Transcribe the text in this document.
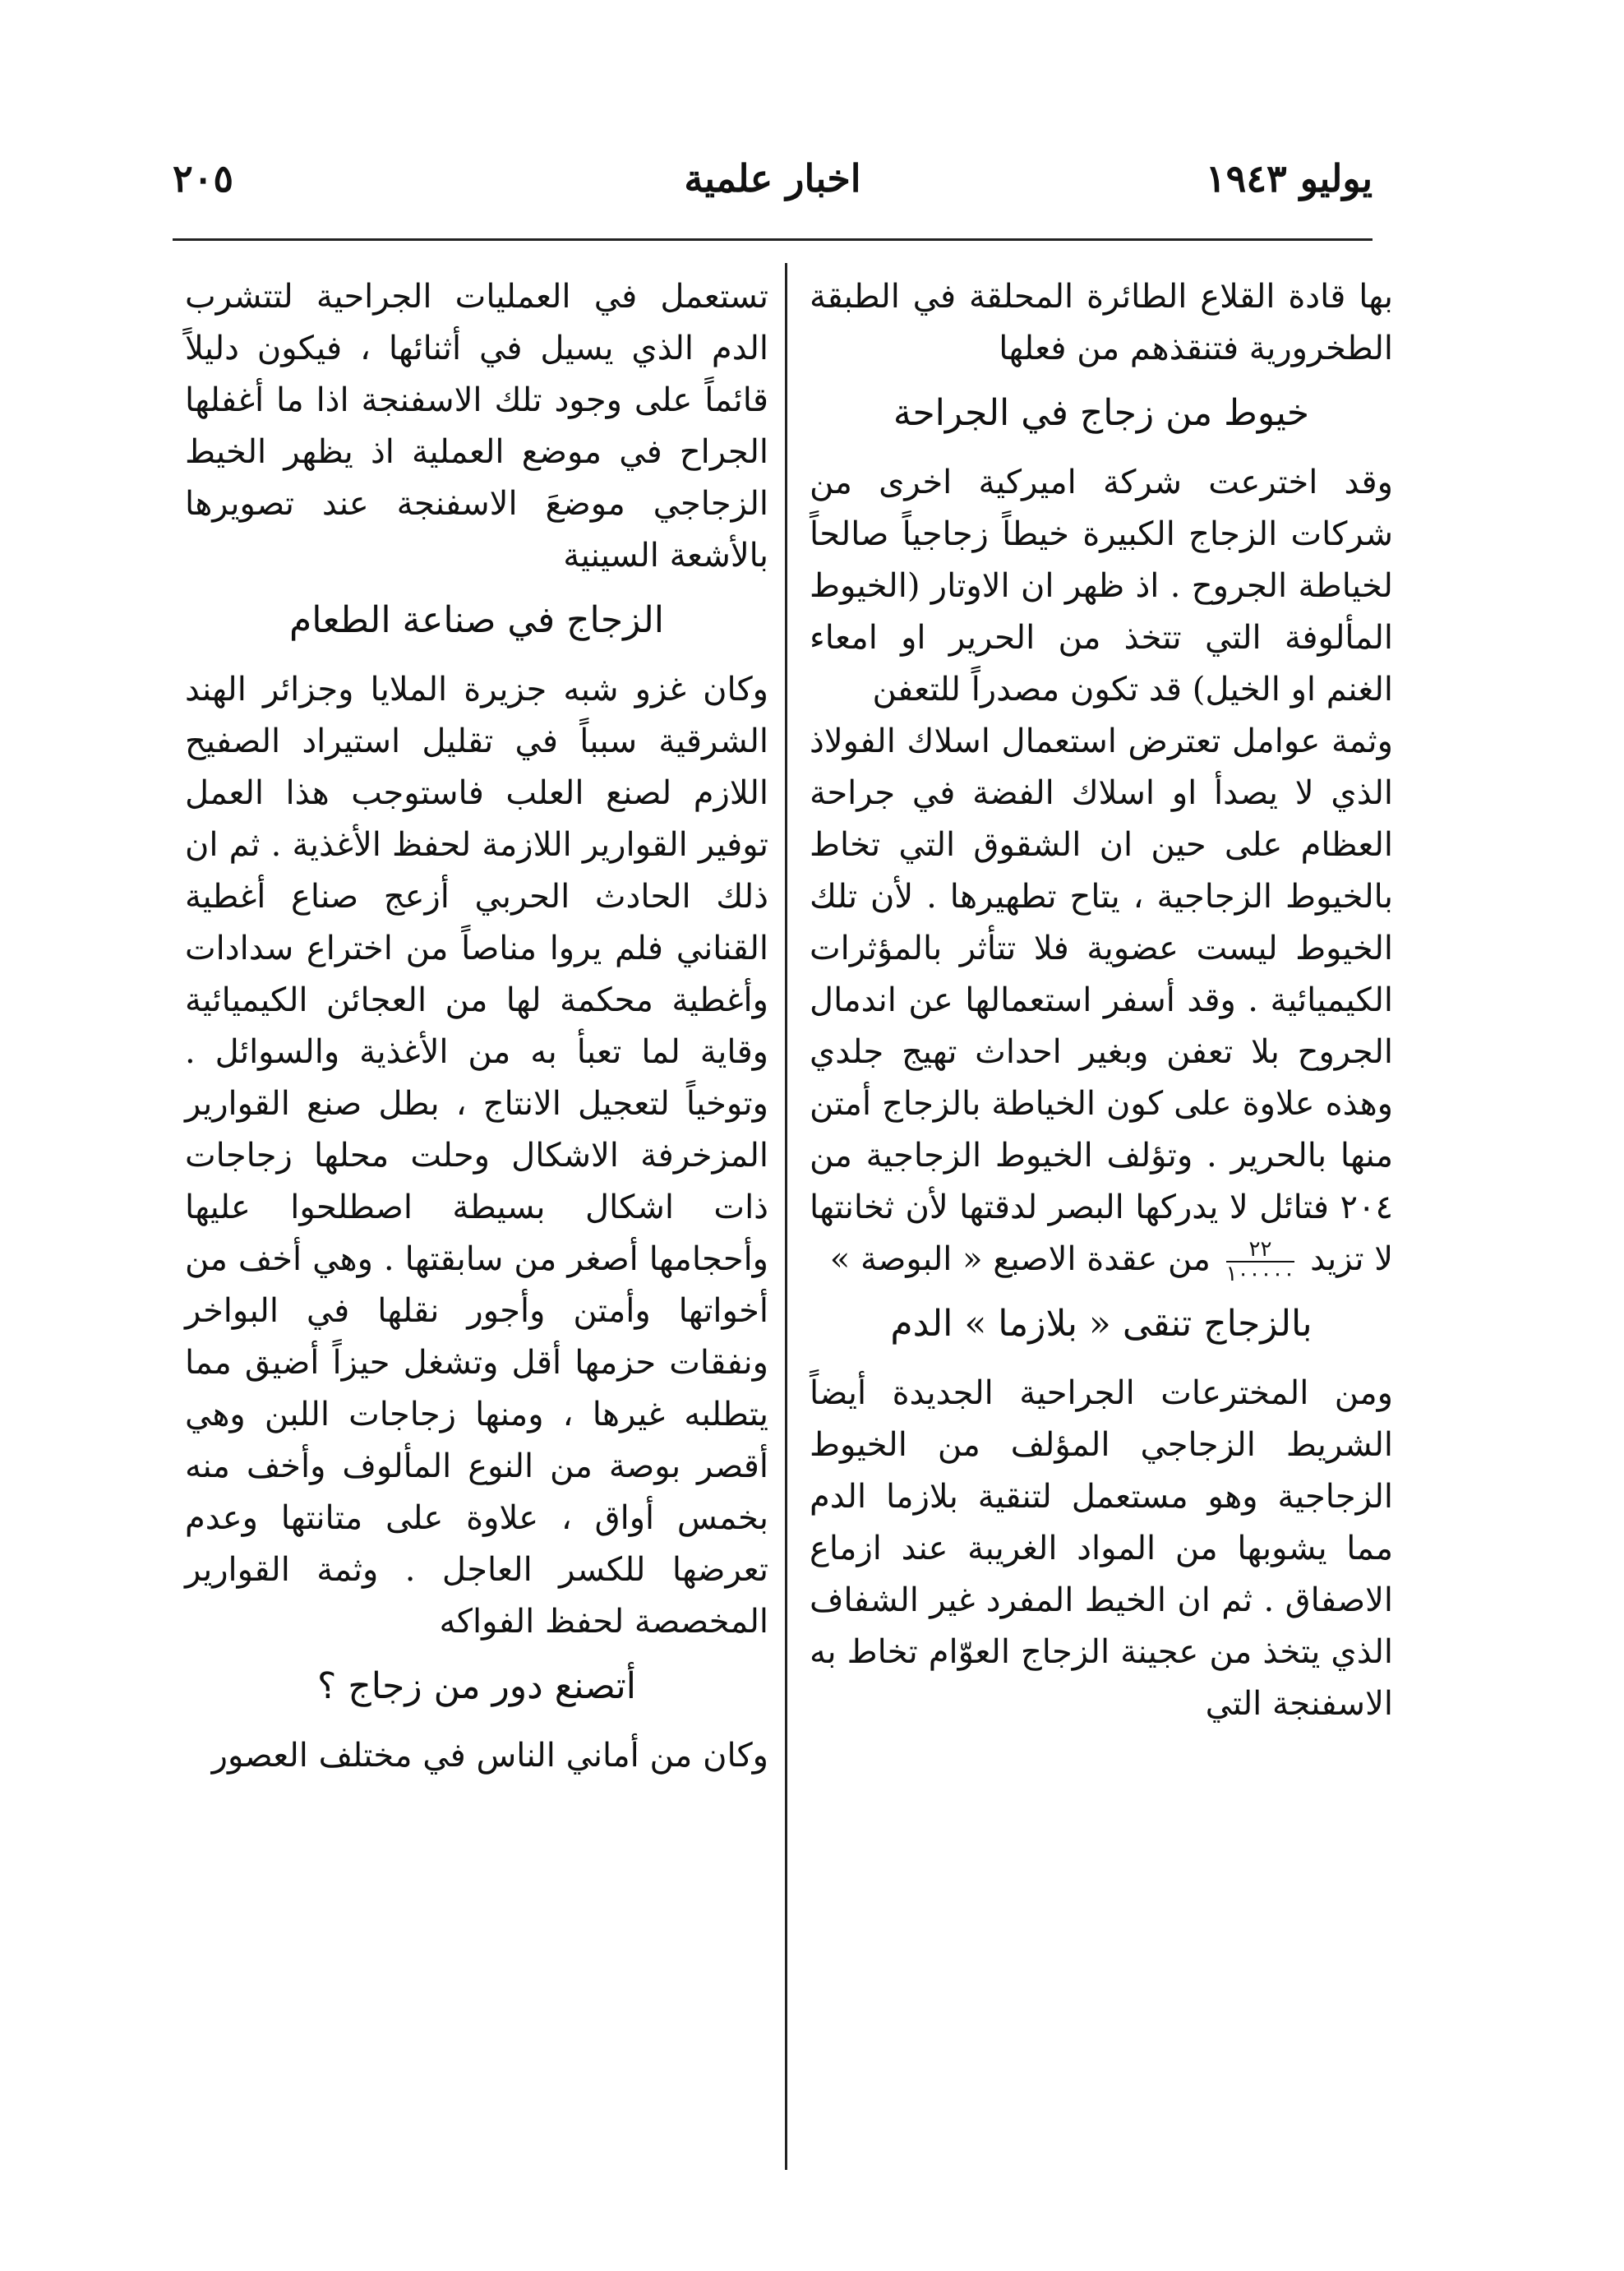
يوليو ١٩٤٣
اخبار علمية
٢٠٥

بها قادة القلاع الطائرة المحلقة في الطبقة الطخرورية فتنقذهم من فعلها

خيوط من زجاج في الجراحة

وقد اخترعت شركة اميركية اخرى من شركات الزجاج الكبيرة خيطاً زجاجياً صالحاً لخياطة الجروح . اذ ظهر ان الاوتار (الخيوط المألوفة التي تتخذ من الحرير او امعاء الغنم او الخيل) قد تكون مصدراً للتعفن

وثمة عوامل تعترض استعمال اسلاك الفولاذ الذي لا يصدأ او اسلاك الفضة في جراحة العظام على حين ان الشقوق التي تخاط بالخيوط الزجاجية ، يتاح تطهيرها . لأن تلك الخيوط ليست عضوية فلا تتأثر بالمؤثرات الكيميائية . وقد أسفر استعمالها عن اندمال الجروح بلا تعفن وبغير احداث تهيج جلدي وهذه علاوة على كون الخياطة بالزجاج أمتن منها بالحرير . وتؤلف الخيوط الزجاجية من ٢٠٤ فتائل لا يدركها البصر لدقتها لأن ثخانتها لا تزيد
$\frac{٢٢}{١٠٠٠٠٠}$
من عقدة الاصبع « البوصة »

بالزجاج تنقى « بلازما » الدم

ومن المخترعات الجراحية الجديدة أيضاً الشريط الزجاجي المؤلف من الخيوط الزجاجية وهو مستعمل لتنقية بلازما الدم مما يشوبها من المواد الغريبة عند ازماع الاصفاق . ثم ان الخيط المفرد غير الشفاف الذي يتخذ من عجينة الزجاج العوّام تخاط به الاسفنجة التي

تستعمل في العمليات الجراحية لتتشرب الدم الذي يسيل في أثنائها ، فيكون دليلاً قائماً على وجود تلك الاسفنجة اذا ما أغفلها الجراح في موضع العملية اذ يظهر الخيط الزجاجي موضعَ الاسفنجة عند تصويرها بالأشعة السينية

الزجاج في صناعة الطعام

وكان غزو شبه جزيرة الملايا وجزائر الهند الشرقية سبباً في تقليل استيراد الصفيح اللازم لصنع العلب فاستوجب هذا العمل توفير القوارير اللازمة لحفظ الأغذية . ثم ان ذلك الحادث الحربي أزعج صناع أغطية القناني فلم يروا مناصاً من اختراع سدادات وأغطية محكمة لها من العجائن الكيميائية وقاية لما تعبأ به من الأغذية والسوائل . وتوخياً لتعجيل الانتاج ، بطل صنع القوارير المزخرفة الاشكال وحلت محلها زجاجات ذات اشكال بسيطة اصطلحوا عليها وأحجامها أصغر من سابقتها . وهي أخف من أخواتها وأمتن وأجور نقلها في البواخر ونفقات حزمها أقل وتشغل حيزاً أضيق مما يتطلبه غيرها ، ومنها زجاجات اللبن وهي أقصر بوصة من النوع المألوف وأخف منه بخمس أواق ، علاوة على متانتها وعدم تعرضها للكسر العاجل . وثمة القوارير المخصصة لحفظ الفواكه

أتصنع دور من زجاج ؟

وكان من أماني الناس في مختلف العصور
